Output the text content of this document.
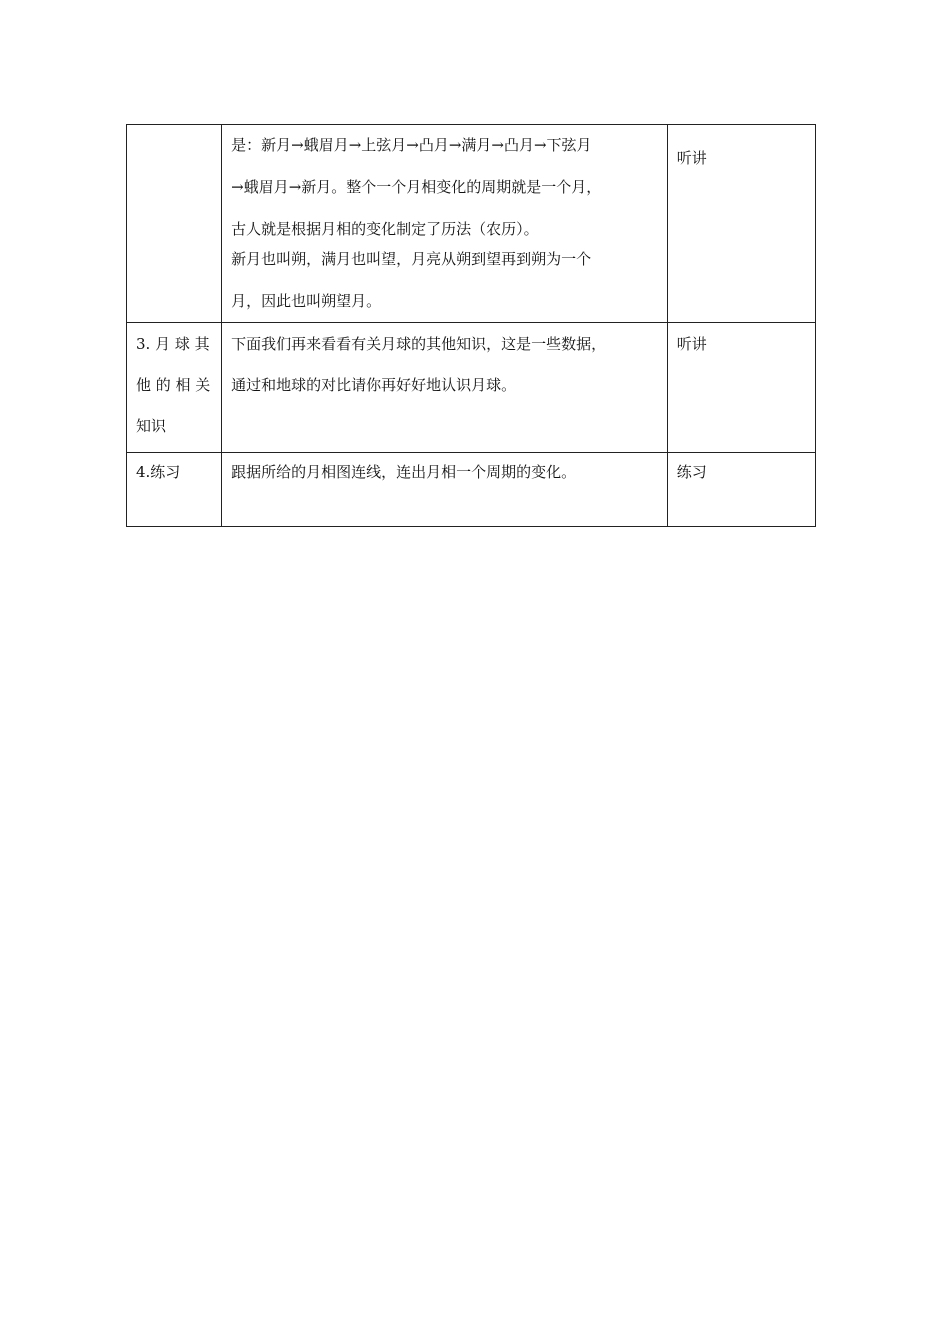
	是：新月→蛾眉月→上弦月→凸月→满月→凸月→下弦月
→蛾眉月→新月。整个一个月相变化的周期就是一个月，
古人就是根据月相的变化制定了历法（农历）。
新月也叫朔，满月也叫望，月亮从朔到望再到朔为一个
月，因此也叫朔望月。	听讲

3. 月 球 其
他 的 相 关
知识	下面我们再来看看有关月球的其他知识，这是一些数据，
通过和地球的对比请你再好好地认识月球。	听讲

4.练习	跟据所给的月相图连线，连出月相一个周期的变化。	练习
